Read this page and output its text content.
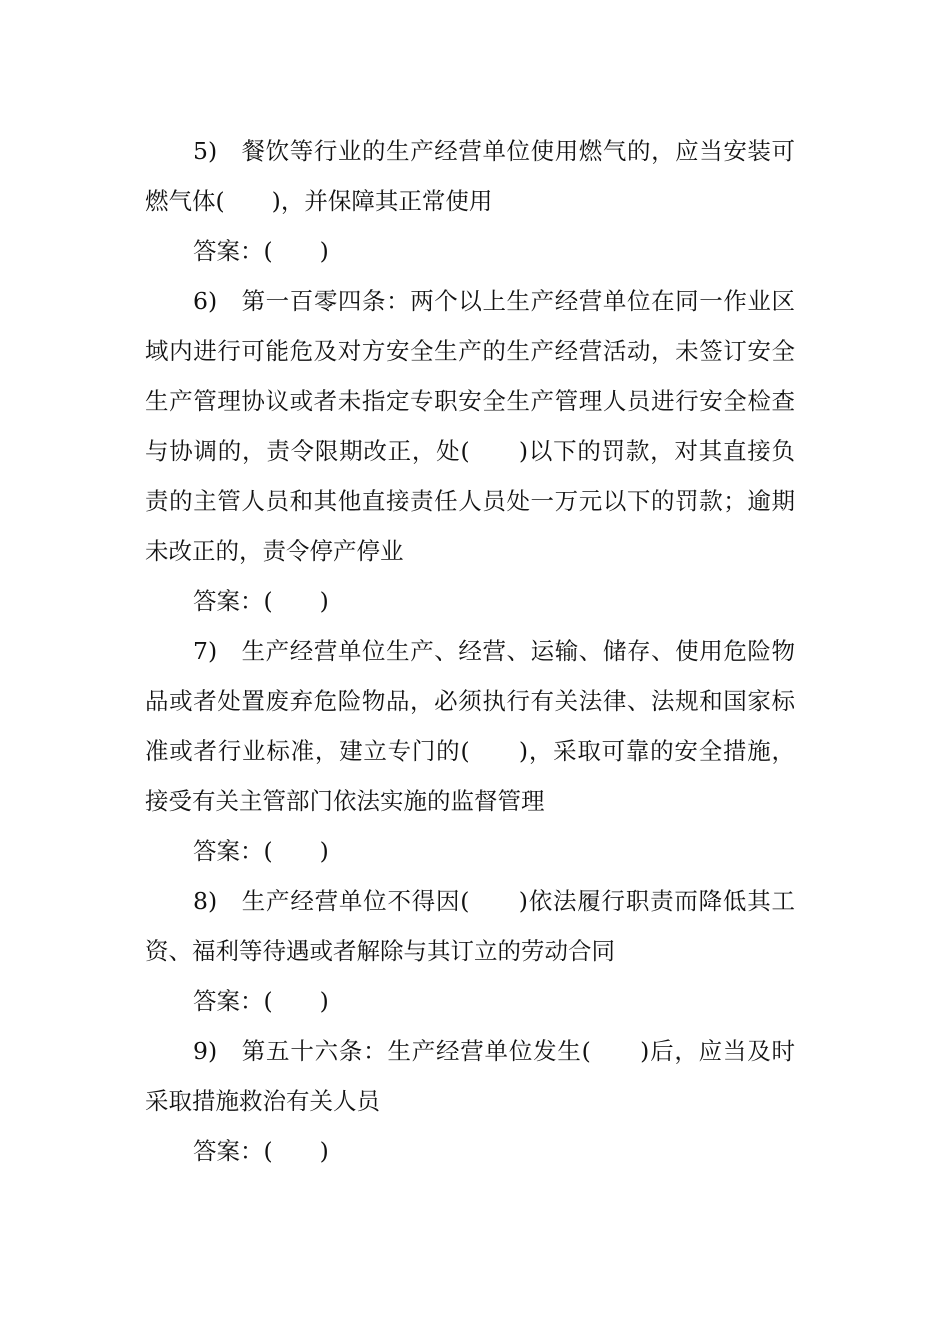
5) 餐饮等行业的生产经营单位使用燃气的，应当安装可
燃气体(　　)，并保障其正常使用
答案：(　　)
6) 第一百零四条：两个以上生产经营单位在同一作业区
域内进行可能危及对方安全生产的生产经营活动，未签订安全
生产管理协议或者未指定专职安全生产管理人员进行安全检查
与协调的，责令限期改正，处(　　)以下的罚款，对其直接负
责的主管人员和其他直接责任人员处一万元以下的罚款；逾期
未改正的，责令停产停业
答案：(　　)
7) 生产经营单位生产、经营、运输、储存、使用危险物
品或者处置废弃危险物品，必须执行有关法律、法规和国家标
准或者行业标准，建立专门的(　　)，采取可靠的安全措施，
接受有关主管部门依法实施的监督管理
答案：(　　)
8) 生产经营单位不得因(　　)依法履行职责而降低其工
资、福利等待遇或者解除与其订立的劳动合同
答案：(　　)
9) 第五十六条：生产经营单位发生(　　)后，应当及时
采取措施救治有关人员
答案：(　　)
